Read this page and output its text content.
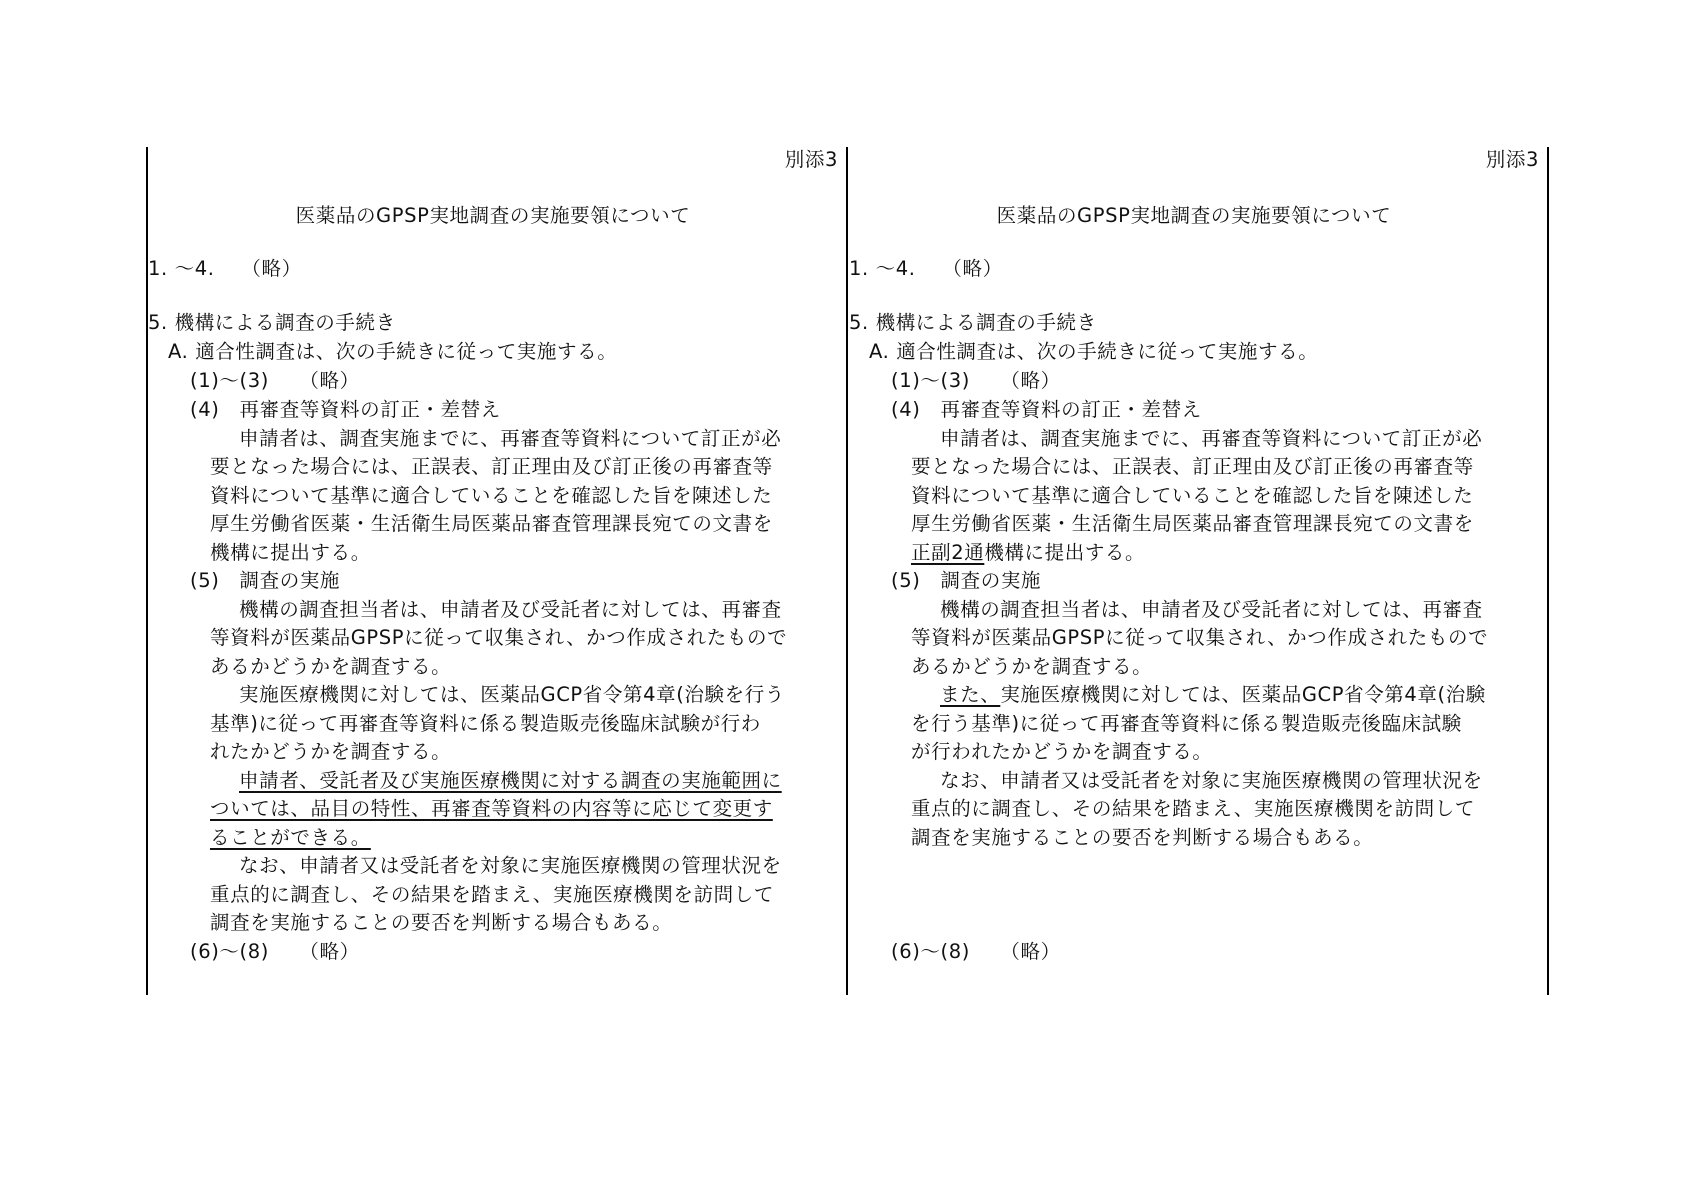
別添3
医薬品のGPSP実地調査の実施要領について
1. ～4.　 （略）
5. 機構による調査の手続き
A. 適合性調査は、次の手続きに従って実施する。
(1)～(3)　　（略）
(4)　再審査等資料の訂正・差替え
申請者は、調査実施までに、再審査等資料について訂正が必
要となった場合には、正誤表、訂正理由及び訂正後の再審査等
資料について基準に適合していることを確認した旨を陳述した
厚生労働省医薬・生活衛生局医薬品審査管理課長宛ての文書を
機構に提出する。
(5)　調査の実施
機構の調査担当者は、申請者及び受託者に対しては、再審査
等資料が医薬品GPSPに従って収集され、かつ作成されたもので
あるかどうかを調査する。
実施医療機関に対しては、医薬品GCP省令第4章(治験を行う
基準)に従って再審査等資料に係る製造販売後臨床試験が行わ
れたかどうかを調査する。
申請者、受託者及び実施医療機関に対する調査の実施範囲に
ついては、品目の特性、再審査等資料の内容等に応じて変更す
ることができる。
なお、申請者又は受託者を対象に実施医療機関の管理状況を
重点的に調査し、その結果を踏まえ、実施医療機関を訪問して
調査を実施することの要否を判断する場合もある。
(6)～(8)　　（略）
別添3
医薬品のGPSP実地調査の実施要領について
1. ～4.　 （略）
5. 機構による調査の手続き
A. 適合性調査は、次の手続きに従って実施する。
(1)～(3)　　（略）
(4)　再審査等資料の訂正・差替え
申請者は、調査実施までに、再審査等資料について訂正が必
要となった場合には、正誤表、訂正理由及び訂正後の再審査等
資料について基準に適合していることを確認した旨を陳述した
厚生労働省医薬・生活衛生局医薬品審査管理課長宛ての文書を
正副2通機構に提出する。
(5)　調査の実施
機構の調査担当者は、申請者及び受託者に対しては、再審査
等資料が医薬品GPSPに従って収集され、かつ作成されたもので
あるかどうかを調査する。
また、実施医療機関に対しては、医薬品GCP省令第4章(治験
を行う基準)に従って再審査等資料に係る製造販売後臨床試験
が行われたかどうかを調査する。
なお、申請者又は受託者を対象に実施医療機関の管理状況を
重点的に調査し、その結果を踏まえ、実施医療機関を訪問して
調査を実施することの要否を判断する場合もある。
(6)～(8)　　（略）
